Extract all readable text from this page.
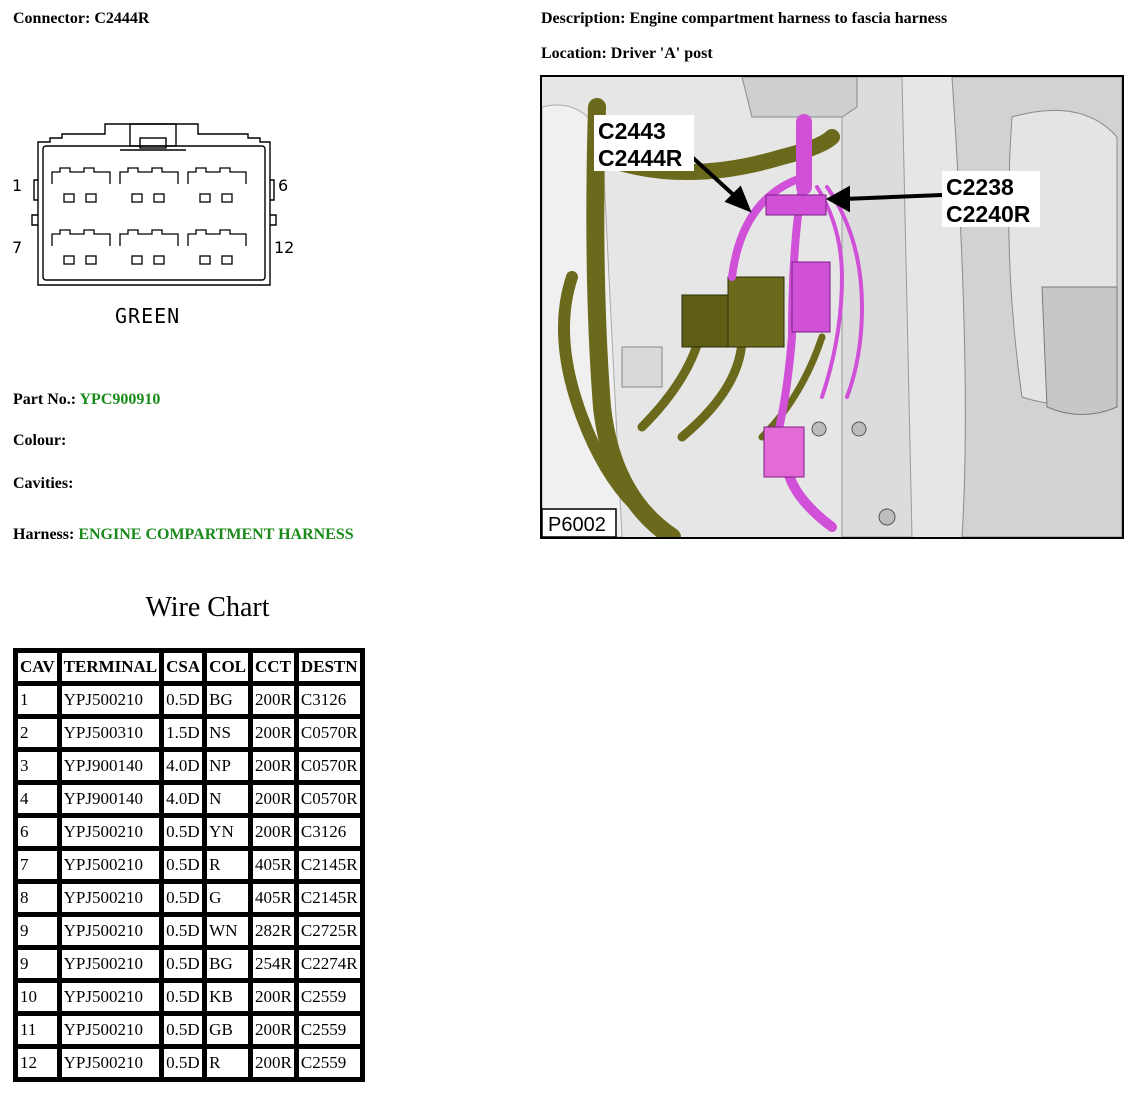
Connector: C2444R	Description: Engine compartment harness to fascia harness
Location: Driver 'A' post
1	6
7	12
GREEN
Part No.: YPC900910
Colour:
Cavities:
Harness: ENGINE COMPARTMENT HARNESS
C2443
C2444R
C2238
C2240R
P6002
Wire Chart
CAV	TERMINAL	CSA	COL	CCT	DESTN
1	YPJ500210	0.5D	BG	200R	C3126
2	YPJ500310	1.5D	NS	200R	C0570R
3	YPJ900140	4.0D	NP	200R	C0570R
4	YPJ900140	4.0D	N	200R	C0570R
6	YPJ500210	0.5D	YN	200R	C3126
7	YPJ500210	0.5D	R	405R	C2145R
8	YPJ500210	0.5D	G	405R	C2145R
9	YPJ500210	0.5D	WN	282R	C2725R
9	YPJ500210	0.5D	BG	254R	C2274R
10	YPJ500210	0.5D	KB	200R	C2559
11	YPJ500210	0.5D	GB	200R	C2559
12	YPJ500210	0.5D	R	200R	C2559
